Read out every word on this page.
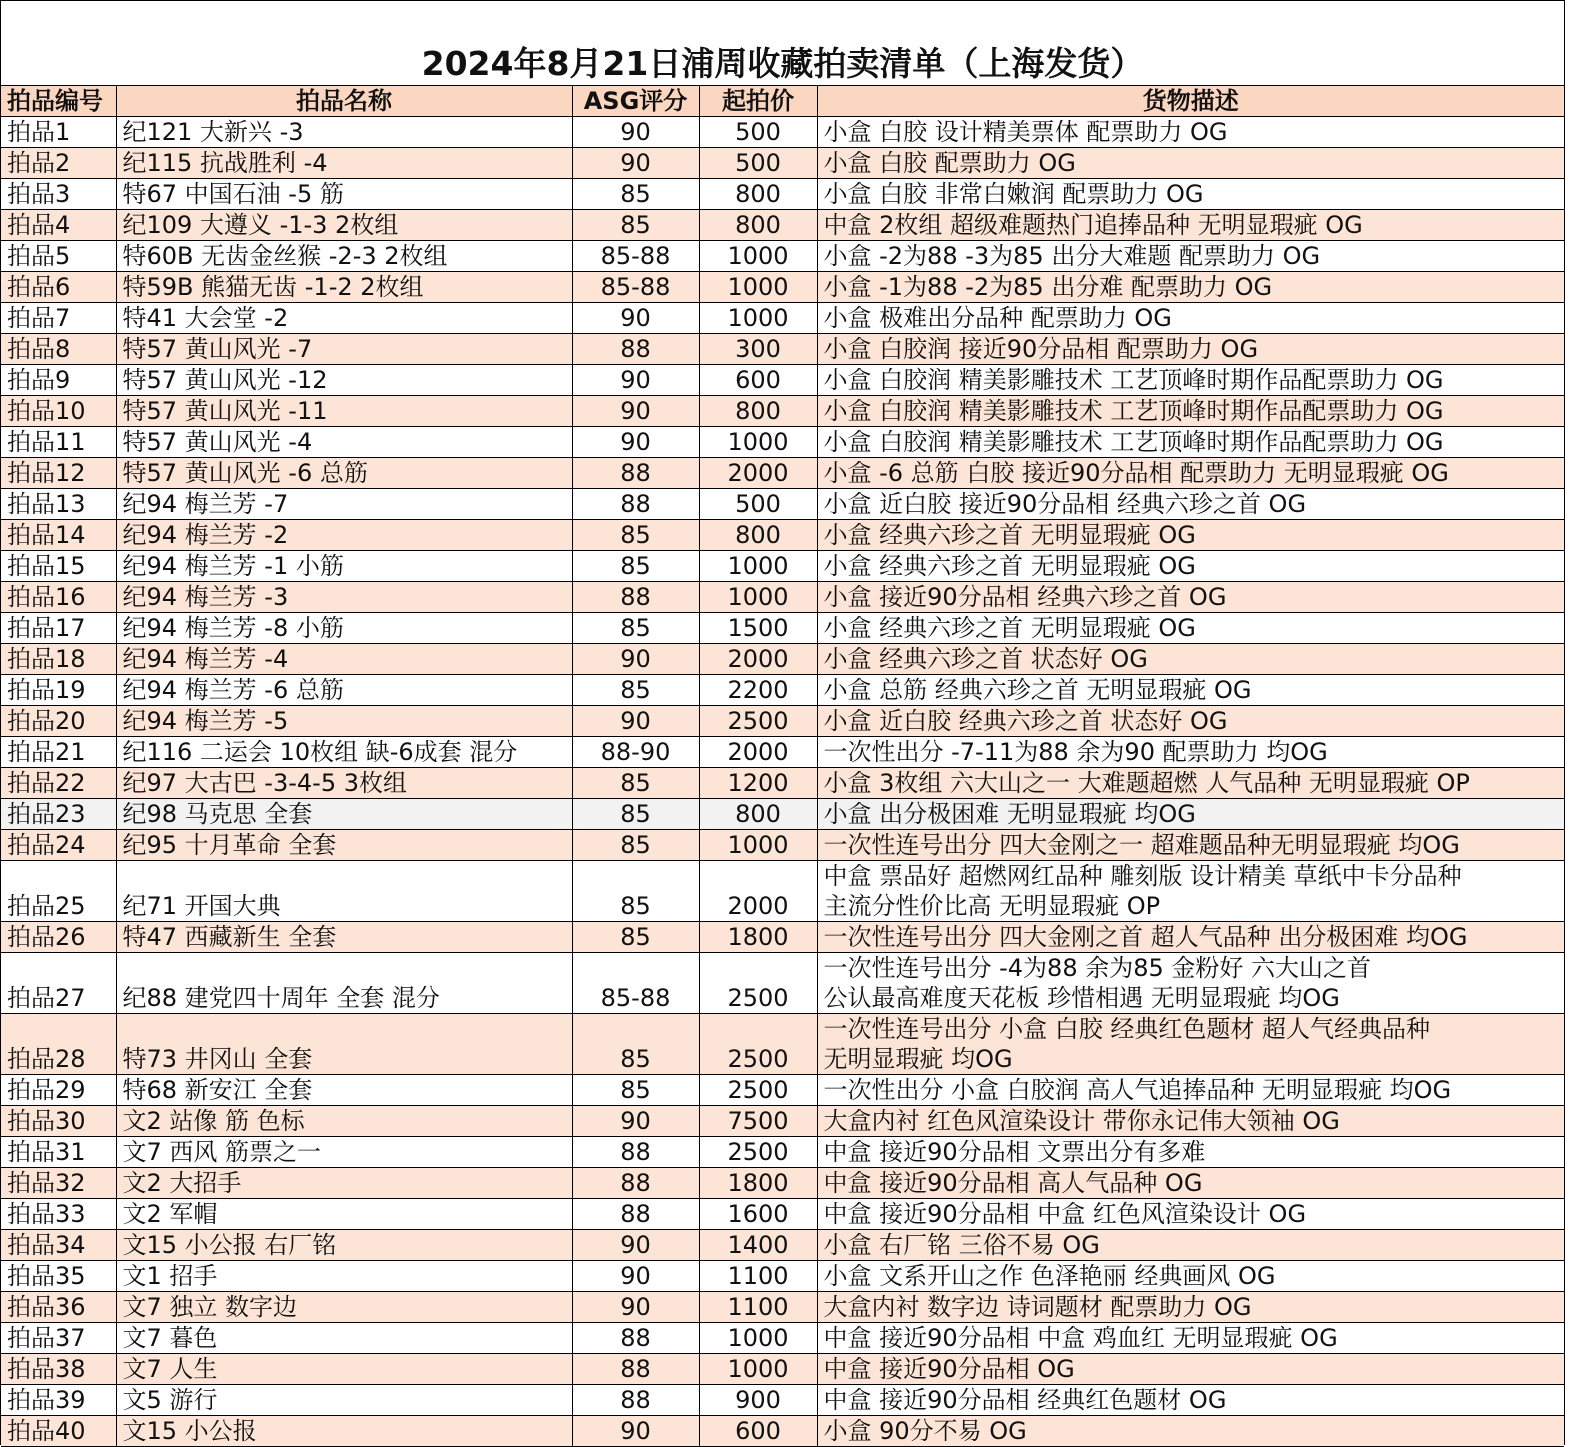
2024年8月21日浦周收藏拍卖清单（上海发货）
拍品编号	拍品名称	ASG评分	起拍价	货物描述
拍品1	纪121 大新兴 -3	90	500	小盒 白胶 设计精美票体 配票助力 OG

拍品2	纪115 抗战胜利 -4	90	500	小盒 白胶 配票助力 OG

拍品3	特67 中国石油 -5 筋	85	800	小盒 白胶 非常白嫩润 配票助力 OG

拍品4	纪109 大遵义 -1-3 2枚组	85	800	中盒 2枚组 超级难题热门追捧品种 无明显瑕疵 OG

拍品5	特60B 无齿金丝猴 -2-3 2枚组	85-88	1000	小盒 -2为88 -3为85 出分大难题 配票助力 OG

拍品6	特59B 熊猫无齿 -1-2 2枚组	85-88	1000	小盒 -1为88 -2为85 出分难 配票助力 OG

拍品7	特41 大会堂 -2	90	1000	小盒 极难出分品种 配票助力 OG

拍品8	特57 黄山风光 -7	88	300	小盒 白胶润 接近90分品相 配票助力 OG

拍品9	特57 黄山风光 -12	90	600	小盒 白胶润 精美影雕技术 工艺顶峰时期作品配票助力 OG

拍品10	特57 黄山风光 -11	90	800	小盒 白胶润 精美影雕技术 工艺顶峰时期作品配票助力 OG

拍品11	特57 黄山风光 -4	90	1000	小盒 白胶润 精美影雕技术 工艺顶峰时期作品配票助力 OG

拍品12	特57 黄山风光 -6 总筋	88	2000	小盒 -6 总筋 白胶 接近90分品相 配票助力 无明显瑕疵 OG

拍品13	纪94 梅兰芳 -7	88	500	小盒 近白胶 接近90分品相 经典六珍之首 OG

拍品14	纪94 梅兰芳 -2	85	800	小盒 经典六珍之首 无明显瑕疵 OG

拍品15	纪94 梅兰芳 -1 小筋	85	1000	小盒 经典六珍之首 无明显瑕疵 OG

拍品16	纪94 梅兰芳 -3	88	1000	小盒 接近90分品相 经典六珍之首 OG

拍品17	纪94 梅兰芳 -8 小筋	85	1500	小盒 经典六珍之首 无明显瑕疵 OG

拍品18	纪94 梅兰芳 -4	90	2000	小盒 经典六珍之首 状态好 OG

拍品19	纪94 梅兰芳 -6 总筋	85	2200	小盒 总筋 经典六珍之首 无明显瑕疵 OG

拍品20	纪94 梅兰芳 -5	90	2500	小盒 近白胶 经典六珍之首 状态好 OG

拍品21	纪116 二运会 10枚组 缺-6成套 混分	88-90	2000	一次性出分 -7-11为88 余为90 配票助力 均OG

拍品22	纪97 大古巴 -3-4-5 3枚组	85	1200	小盒 3枚组 六大山之一 大难题超燃 人气品种 无明显瑕疵 OP

拍品23	纪98 马克思 全套	85	800	小盒 出分极困难 无明显瑕疵 均OG

拍品24	纪95 十月革命 全套	85	1000	一次性连号出分 四大金刚之一 超难题品种无明显瑕疵 均OG

拍品25	纪71 开国大典	85	2000	中盒 票品好 超燃网红品种 雕刻版 设计精美 草纸中卡分品种
主流分性价比高 无明显瑕疵 OP

拍品26	特47 西藏新生 全套	85	1800	一次性连号出分 四大金刚之首 超人气品种 出分极困难 均OG

拍品27	纪88 建党四十周年 全套 混分	85-88	2500	一次性连号出分 -4为88 余为85 金粉好 六大山之首
公认最高难度天花板 珍惜相遇 无明显瑕疵 均OG

拍品28	特73 井冈山 全套	85	2500	一次性连号出分 小盒 白胶 经典红色题材 超人气经典品种
无明显瑕疵 均OG

拍品29	特68 新安江 全套	85	2500	一次性出分 小盒 白胶润 高人气追捧品种 无明显瑕疵 均OG

拍品30	文2 站像 筋 色标	90	7500	大盒内衬 红色风渲染设计 带你永记伟大领袖 OG

拍品31	文7 西风 筋票之一	88	2500	中盒 接近90分品相 文票出分有多难

拍品32	文2 大招手	88	1800	中盒 接近90分品相 高人气品种 OG

拍品33	文2 军帽	88	1600	中盒 接近90分品相 中盒 红色风渲染设计 OG

拍品34	文15 小公报 右厂铭	90	1400	小盒 右厂铭 三俗不易 OG

拍品35	文1 招手	90	1100	小盒 文系开山之作 色泽艳丽 经典画风 OG

拍品36	文7 独立 数字边	90	1100	大盒内衬 数字边 诗词题材 配票助力 OG

拍品37	文7 暮色	88	1000	中盒 接近90分品相 中盒 鸡血红 无明显瑕疵 OG

拍品38	文7 人生	88	1000	中盒 接近90分品相 OG

拍品39	文5 游行	88	900	中盒 接近90分品相 经典红色题材 OG

拍品40	文15 小公报	90	600	小盒 90分不易 OG
